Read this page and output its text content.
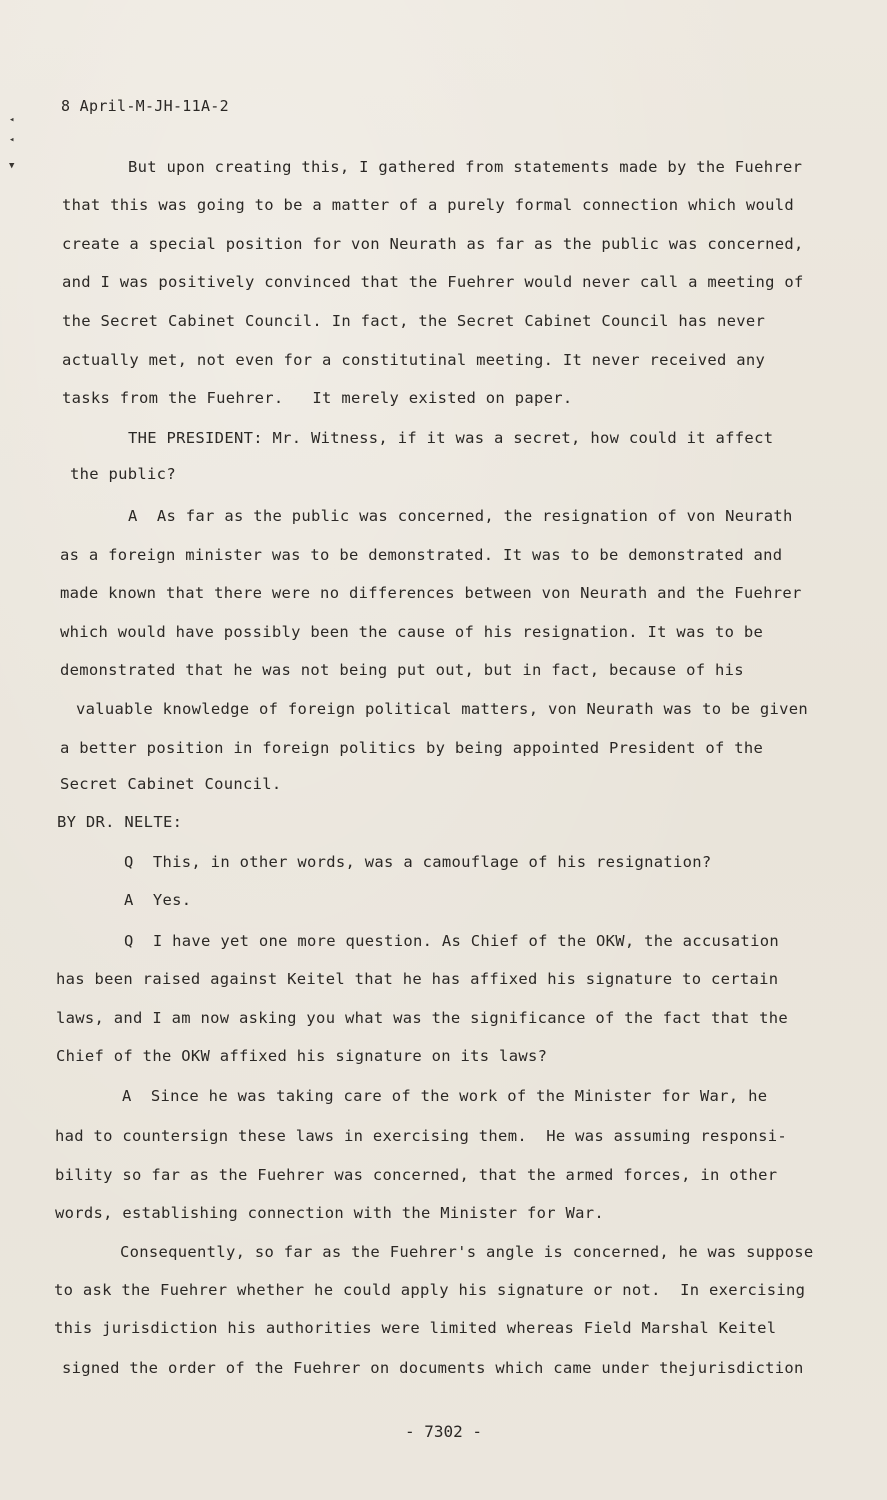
◂
◂
▼
8 April-M-JH-11A-2
But upon creating this, I gathered from statements made by the Fuehrer
that this was going to be a matter of a purely formal connection which would
create a special position for von Neurath as far as the public was concerned,
and I was positively convinced that the Fuehrer would never call a meeting of
the Secret Cabinet Council. In fact, the Secret Cabinet Council has never
actually met, not even for a constitutinal meeting. It never received any
tasks from the Fuehrer.   It merely existed on paper.
THE PRESIDENT: Mr. Witness, if it was a secret, how could it affect
the public?
A  As far as the public was concerned, the resignation of von Neurath
as a foreign minister was to be demonstrated. It was to be demonstrated and
made known that there were no differences between von Neurath and the Fuehrer
which would have possibly been the cause of his resignation. It was to be
demonstrated that he was not being put out, but in fact, because of his
valuable knowledge of foreign political matters, von Neurath was to be given
a better position in foreign politics by being appointed President of the
Secret Cabinet Council.
BY DR. NELTE:
Q  This, in other words, was a camouflage of his resignation?
A  Yes.
Q  I have yet one more question. As Chief of the OKW, the accusation
has been raised against Keitel that he has affixed his signature to certain
laws, and I am now asking you what was the significance of the fact that the
Chief of the OKW affixed his signature on its laws?
A  Since he was taking care of the work of the Minister for War, he
had to countersign these laws in exercising them.  He was assuming responsi-
bility so far as the Fuehrer was concerned, that the armed forces, in other
words, establishing connection with the Minister for War.
Consequently, so far as the Fuehrer's angle is concerned, he was suppose
to ask the Fuehrer whether he could apply his signature or not.  In exercising
this jurisdiction his authorities were limited whereas Field Marshal Keitel
signed the order of the Fuehrer on documents which came under thejurisdiction
- 7302 -
